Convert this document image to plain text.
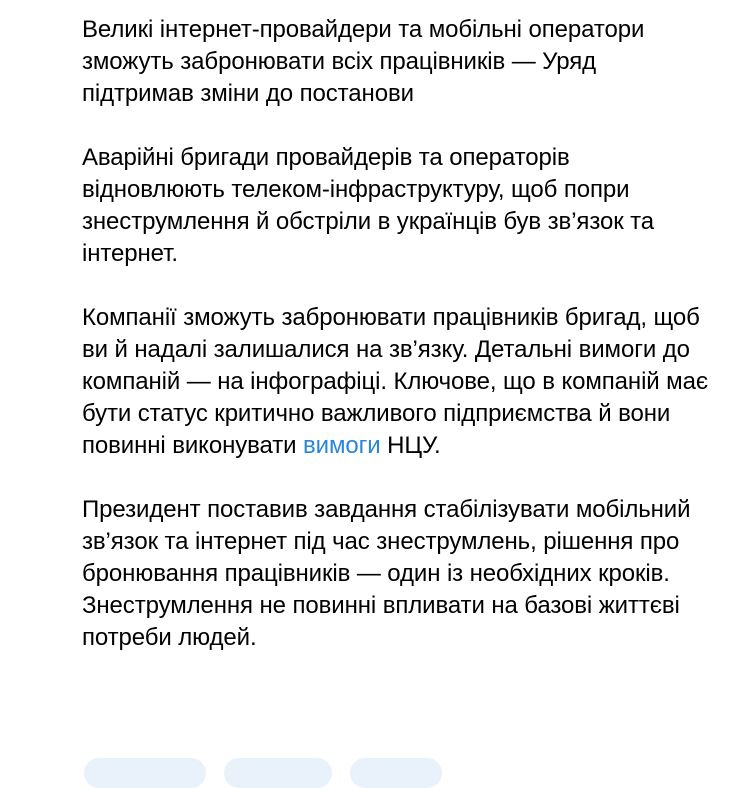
Великі інтернет-провайдери та мобільні оператори зможуть забронювати всіх працівників — Уряд підтримав зміни до постанови

Аварійні бригади провайдерів та операторів відновлюють телеком-інфраструктуру, щоб попри знеструмлення й обстріли в українців був зв’язок та інтернет.

Компанії зможуть забронювати працівників бригад, щоб ви й надалі залишалися на зв’язку. Детальні вимоги до компаній — на інфографіці. Ключове, що в компаній має бути статус критично важливого підприємства й вони повинні виконувати вимоги НЦУ.

Президент поставив завдання стабілізувати мобільний зв’язок та інтернет під час знеструмлень, рішення про бронювання працівників — один із необхідних кроків. Знеструмлення не повинні впливати на базові життєві потреби людей.
